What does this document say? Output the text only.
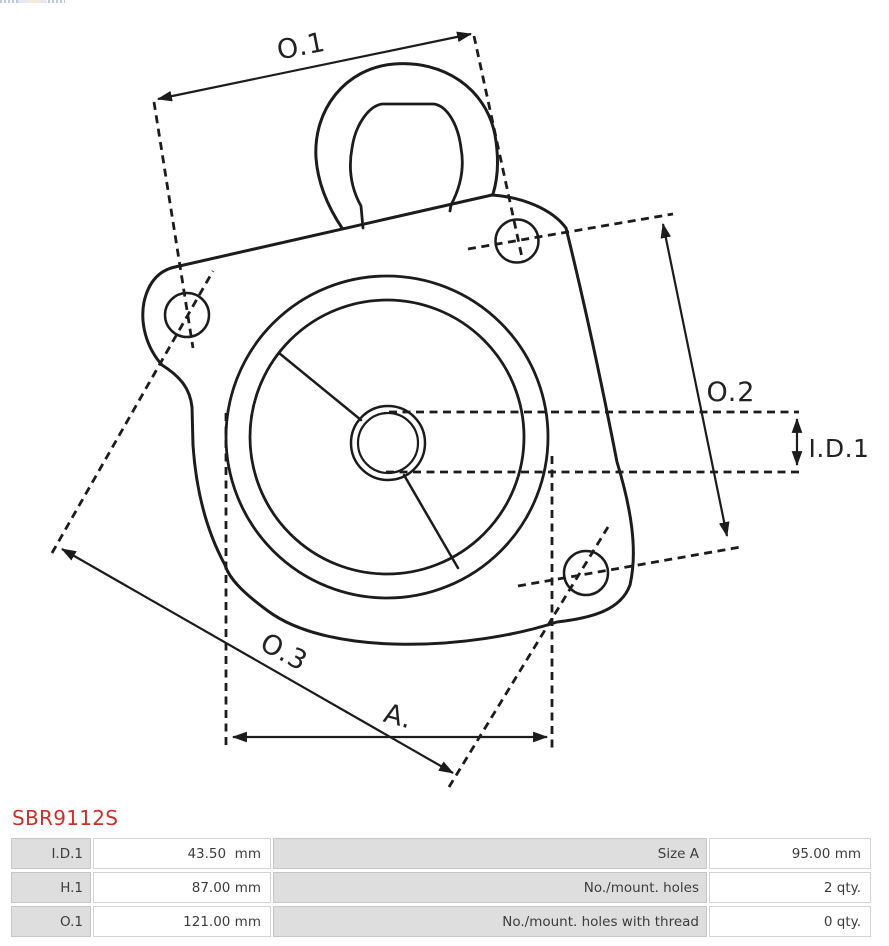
O.1
O.2
I.D.1
O.3
A.
SBR9112S
I.D.1	43.50  mm	Size A	95.00 mm
H.1	87.00 mm	No./mount. holes	2 qty.
O.1	121.00 mm	No./mount. holes with thread	0 qty.
